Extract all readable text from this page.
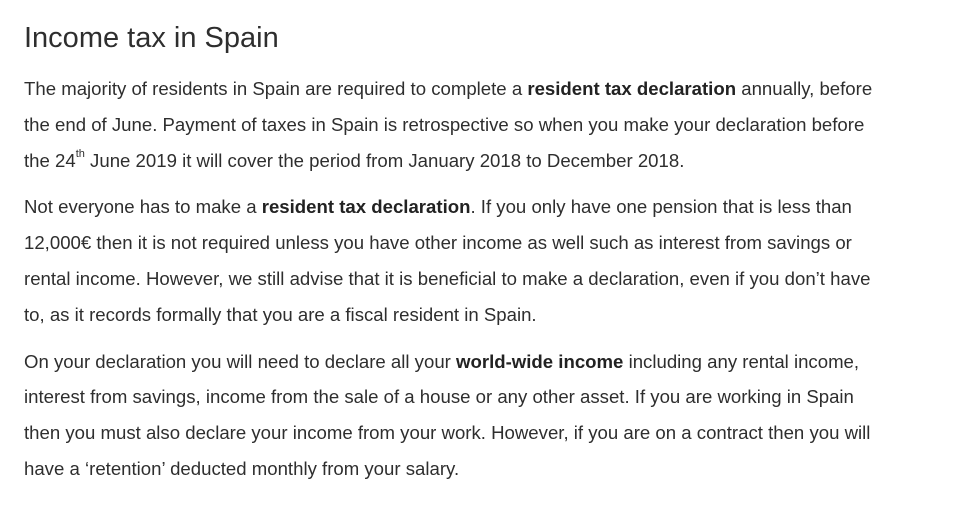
Income tax in Spain

The majority of residents in Spain are required to complete a resident tax declaration annually, before
the end of June. Payment of taxes in Spain is retrospective so when you make your declaration before
the 24th June 2019 it will cover the period from January 2018 to December 2018.

Not everyone has to make a resident tax declaration. If you only have one pension that is less than
12,000€ then it is not required unless you have other income as well such as interest from savings or
rental income. However, we still advise that it is beneficial to make a declaration, even if you don’t have
to, as it records formally that you are a fiscal resident in Spain.

On your declaration you will need to declare all your world-wide income including any rental income,
interest from savings, income from the sale of a house or any other asset. If you are working in Spain
then you must also declare your income from your work. However, if you are on a contract then you will
have a ‘retention’ deducted monthly from your salary.
